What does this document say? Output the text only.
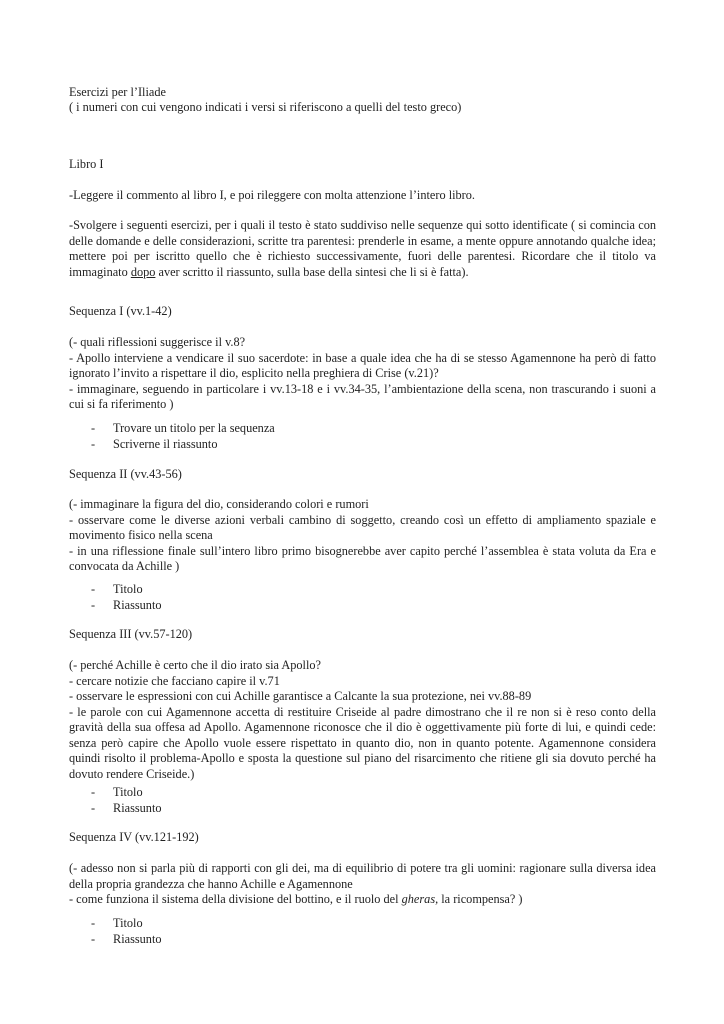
Esercizi per l’Iliade
( i numeri con cui vengono indicati i versi si riferiscono a quelli del testo greco)
Libro I
-Leggere il commento al libro I, e poi rileggere con molta attenzione l’intero libro.

-Svolgere i seguenti esercizi, per i quali il testo è stato suddiviso nelle sequenze qui sotto identificate ( si comincia con delle domande e delle considerazioni, scritte tra parentesi: prenderle in esame, a mente oppure annotando qualche idea; mettere poi per iscritto quello che è richiesto successivamente, fuori delle parentesi. Ricordare che il titolo va immaginato dopo aver scritto il riassunto, sulla base della sintesi che li si è fatta).

Sequenza I (vv.1-42)
(- quali riflessioni suggerisce il v.8?
- Apollo interviene a vendicare il suo sacerdote: in base a quale idea che ha di se stesso Agamennone ha però di fatto ignorato l’invito a rispettare il dio, esplicito nella preghiera di Crise (v.21)?
- immaginare, seguendo in particolare i vv.13-18 e i vv.34-35, l’ambientazione della scena, non trascurando i suoni a cui si fa riferimento )
- Trovare un titolo per la sequenza
- Scriverne il riassunto
Sequenza II (vv.43-56)
(- immaginare la figura del dio, considerando colori e rumori
- osservare come le diverse azioni verbali cambino di soggetto, creando così un effetto di ampliamento spaziale e movimento fisico nella scena
- in una riflessione finale sull’intero libro primo bisognerebbe aver capito perché l’assemblea è stata voluta da Era e convocata da Achille )
- Titolo
- Riassunto
Sequenza III (vv.57-120)
(- perché Achille è certo che il dio irato sia Apollo?
- cercare notizie che facciano capire il v.71
- osservare le espressioni con cui Achille garantisce a Calcante la sua protezione, nei vv.88-89
- le parole con cui Agamennone accetta di restituire Criseide al padre dimostrano che il re non si è reso conto della gravità della sua offesa ad Apollo. Agamennone riconosce che il dio è oggettivamente più forte di lui, e quindi cede: senza però capire che Apollo vuole essere rispettato in quanto dio, non in quanto potente. Agamennone considera quindi risolto il problema-Apollo e sposta la questione sul piano del risarcimento che ritiene gli sia dovuto perché ha dovuto rendere Criseide.)
- Titolo
- Riassunto
Sequenza IV (vv.121-192)
(- adesso non si parla più di rapporti con gli dei, ma di equilibrio di potere tra gli uomini: ragionare sulla diversa idea della propria grandezza che hanno Achille e Agamennone
- come funziona il sistema della divisione del bottino, e il ruolo del gheras, la ricompensa? )
- Titolo
- Riassunto
